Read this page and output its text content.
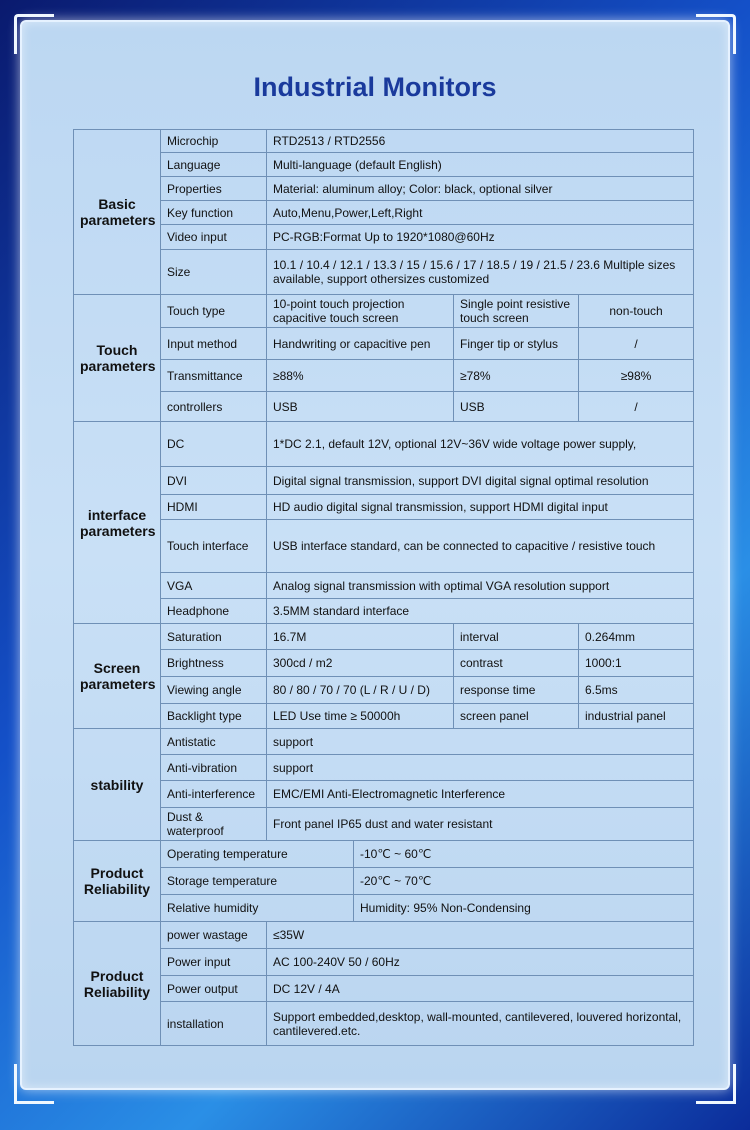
Industrial Monitors
Basic
parameters	Microchip	RTD2513 / RTD2556			
	Language	Multi-language (default English)			
	Properties	Material: aluminum alloy; Color: black, optional silver			
	Key function	Auto,Menu,Power,Left,Right			
	Video input	PC-RGB:Format Up to 1920*1080@60Hz			
	Size	10.1 / 10.4 / 12.1 / 13.3 / 15 / 15.6 / 17 / 18.5 / 19 / 21.5 / 23.6 Multiple sizes available, support othersizes customized			
Touch
parameters	Touch type	10-point touch projection capacitive touch screen		Single point resistive touch screen	non-touch
	Input method	Handwriting or capacitive pen		Finger tip or stylus	/
	Transmittance	≥88%		≥78%	≥98%
	controllers	USB		USB	/
interface
parameters	DC	1*DC 2.1, default 12V, optional 12V~36V wide voltage power supply,			
	DVI	Digital signal transmission, support DVI digital signal optimal resolution			
	HDMI	HD audio digital signal transmission, support HDMI digital input			
	Touch interface	USB interface standard, can be connected to capacitive / resistive touch			
	VGA	Analog signal transmission with optimal VGA resolution support			
	Headphone	3.5MM standard interface			
Screen
parameters	Saturation	16.7M		interval	0.264mm
	Brightness	300cd / m2		contrast	1000:1
	Viewing angle	80 / 80 / 70 / 70 (L / R / U / D)		response time	6.5ms
	Backlight type	LED Use time ≥ 50000h		screen panel	industrial panel
stability	Antistatic	support			
	Anti-vibration	support			
	Anti-interference	EMC/EMI Anti-Electromagnetic Interference			
	Dust & waterproof	Front panel IP65 dust and water resistant			
Product
Reliability	Operating temperature		-10℃ ~ 60℃		
	Storage temperature		-20℃ ~ 70℃		
	Relative humidity		Humidity: 95% Non-Condensing		
Product
Reliability	power wastage	≤35W			
	Power input	AC 100-240V 50 / 60Hz			
	Power output	DC 12V / 4A			
	installation	Support embedded,desktop, wall-mounted, cantilevered, louvered horizontal, cantilevered.etc.			
